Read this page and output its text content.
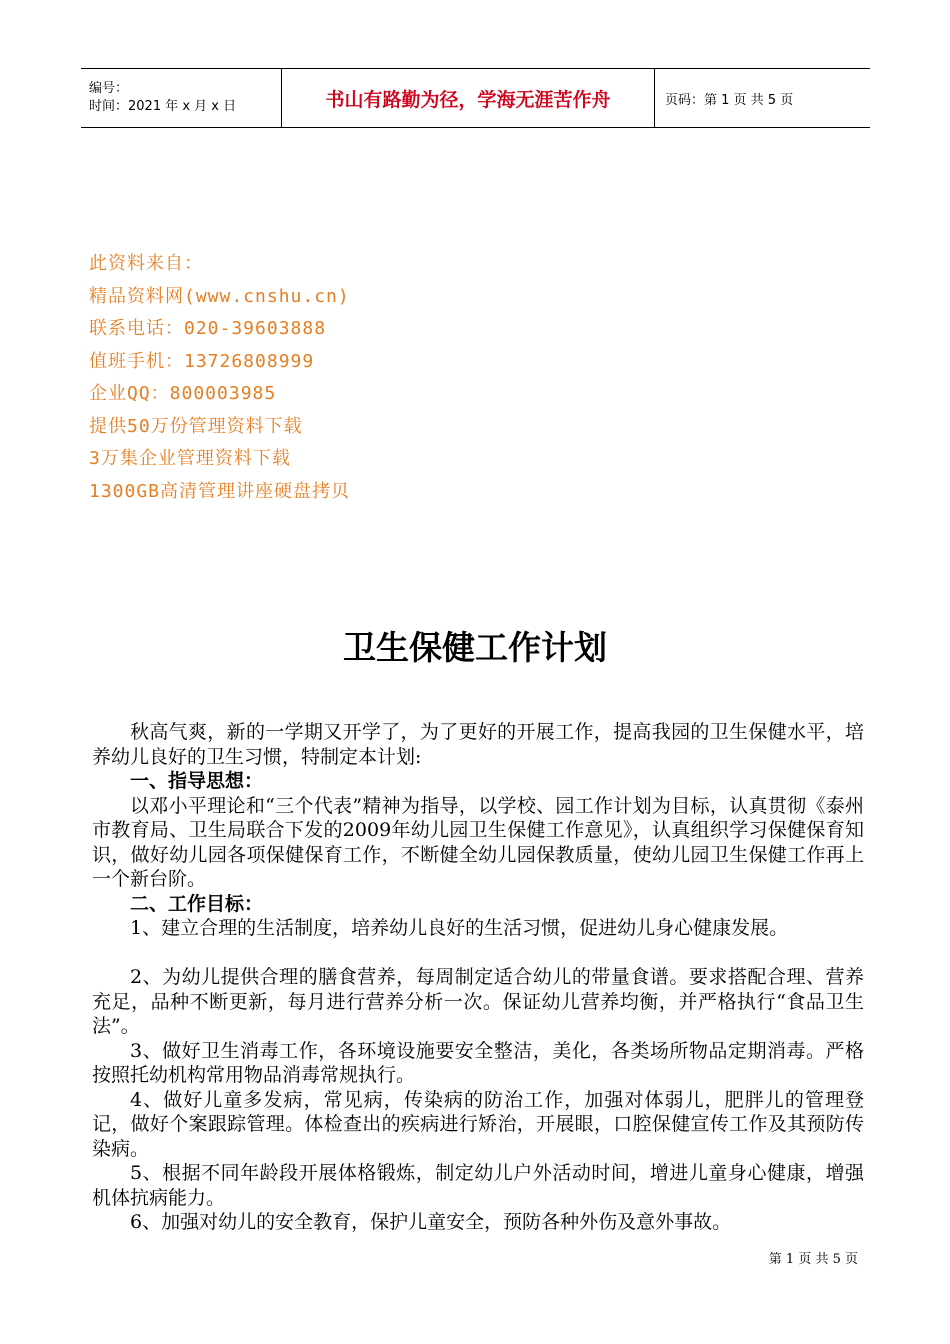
编号：
时间：2021 年 x 月 x 日	书山有路勤为径，学海无涯苦作舟	页码：第 1 页 共 5 页
此资料来自：
精品资料网(www.cnshu.cn)
联系电话：020-39603888
值班手机：13726808999
企业QQ：800003985
提供50万份管理资料下载
3万集企业管理资料下载
1300GB高清管理讲座硬盘拷贝
卫生保健工作计划

秋高气爽，新的一学期又开学了，为了更好的开展工作，提高我园的卫生保健水平，培养幼儿良好的卫生习惯，特制定本计划:

一、指导思想：

以邓小平理论和“三个代表”精神为指导，以学校、园工作计划为目标，认真贯彻《泰州市教育局、卫生局联合下发的2009年幼儿园卫生保健工作意见》，认真组织学习保健保育知识，做好幼儿园各项保健保育工作，不断健全幼儿园保教质量，使幼儿园卫生保健工作再上一个新台阶。

二、工作目标：

1、建立合理的生活制度，培养幼儿良好的生活习惯，促进幼儿身心健康发展。

2、为幼儿提供合理的膳食营养，每周制定适合幼儿的带量食谱。要求搭配合理、营养充足，品种不断更新，每月进行营养分析一次。保证幼儿营养均衡，并严格执行“食品卫生法”。

3、做好卫生消毒工作，各环境设施要安全整洁，美化，各类场所物品定期消毒。严格按照托幼机构常用物品消毒常规执行。

4、做好儿童多发病，常见病，传染病的防治工作，加强对体弱儿，肥胖儿的管理登记，做好个案跟踪管理。体检查出的疾病进行矫治，开展眼，口腔保健宣传工作及其预防传染病。

5、根据不同年龄段开展体格锻炼，制定幼儿户外活动时间，增进儿童身心健康，增强机体抗病能力。

6、加强对幼儿的安全教育，保护儿童安全，预防各种外伤及意外事故。

第 1 页 共 5 页
